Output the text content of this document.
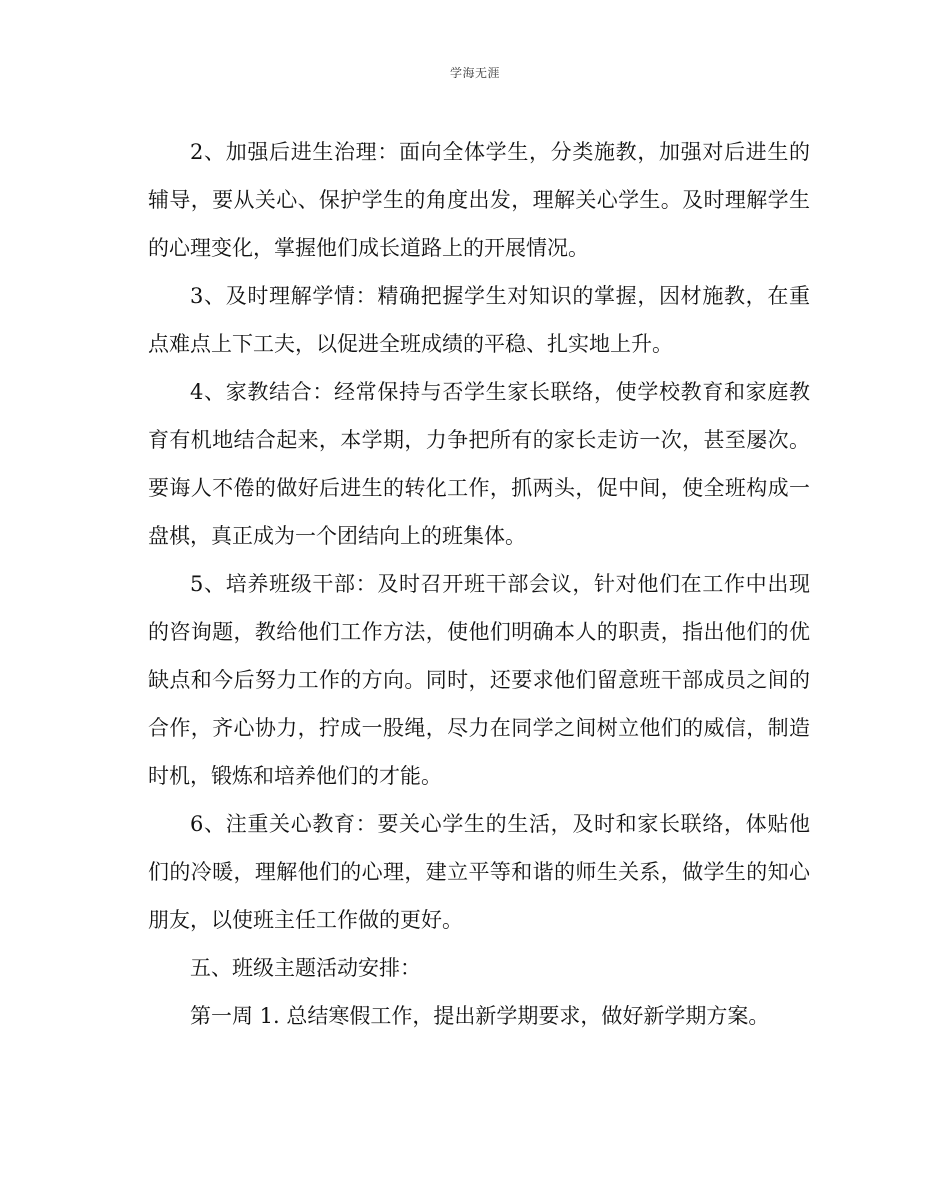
学海无涯

2、加强后进生治理：面向全体学生，分类施教，加强对后进生的辅导，要从关心、保护学生的角度出发，理解关心学生。及时理解学生的心理变化，掌握他们成长道路上的开展情况。

3、及时理解学情：精确把握学生对知识的掌握，因材施教，在重点难点上下工夫，以促进全班成绩的平稳、扎实地上升。

4、家教结合：经常保持与否学生家长联络，使学校教育和家庭教育有机地结合起来，本学期，力争把所有的家长走访一次，甚至屡次。要诲人不倦的做好后进生的转化工作，抓两头，促中间，使全班构成一盘棋，真正成为一个团结向上的班集体。

5、培养班级干部：及时召开班干部会议，针对他们在工作中出现的咨询题，教给他们工作方法，使他们明确本人的职责，指出他们的优缺点和今后努力工作的方向。同时，还要求他们留意班干部成员之间的合作，齐心协力，拧成一股绳，尽力在同学之间树立他们的威信，制造时机，锻炼和培养他们的才能。

6、注重关心教育：要关心学生的生活，及时和家长联络，体贴他们的冷暖，理解他们的心理，建立平等和谐的师生关系，做学生的知心朋友，以使班主任工作做的更好。

五、班级主题活动安排：

第一周 1. 总结寒假工作，提出新学期要求，做好新学期方案。
